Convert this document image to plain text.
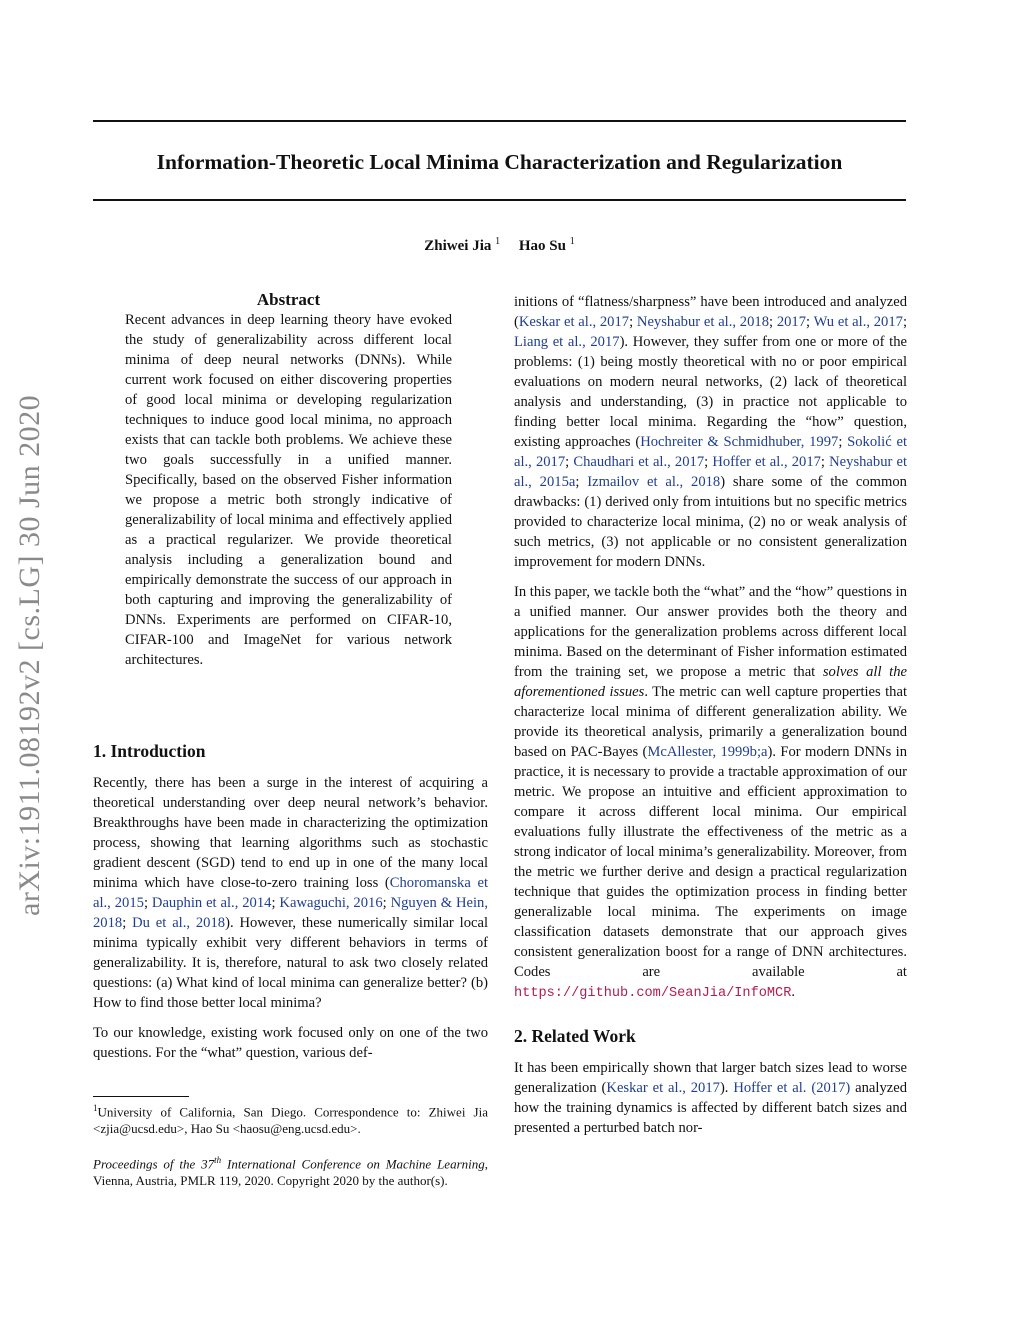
arXiv:1911.08192v2 [cs.LG] 30 Jun 2020
Information-Theoretic Local Minima Characterization and Regularization
Zhiwei Jia $^1$ Hao Su $^1$

Abstract

Recent advances in deep learning theory have evoked the study of generalizability across different local minima of deep neural networks (DNNs). While current work focused on either discovering properties of good local minima or developing regularization techniques to induce good local minima, no approach exists that can tackle both problems. We achieve these two goals successfully in a unified manner. Specifically, based on the observed Fisher information we propose a metric both strongly indicative of generalizability of local minima and effectively applied as a practical regularizer. We provide theoretical analysis including a generalization bound and empirically demonstrate the success of our approach in both capturing and improving the generalizability of DNNs. Experiments are performed on CIFAR-10, CIFAR-100 and ImageNet for various network architectures.

1. Introduction

Recently, there has been a surge in the interest of acquiring a theoretical understanding over deep neural network’s behavior. Breakthroughs have been made in characterizing the optimization process, showing that learning algorithms such as stochastic gradient descent (SGD) tend to end up in one of the many local minima which have close-to-zero training loss (Choromanska et al., 2015; Dauphin et al., 2014; Kawaguchi, 2016; Nguyen & Hein, 2018; Du et al., 2018). However, these numerically similar local minima typically exhibit very different behaviors in terms of generalizability. It is, therefore, natural to ask two closely related questions: (a) What kind of local minima can generalize better? (b) How to find those better local minima?

To our knowledge, existing work focused only on one of the two questions. For the “what” question, various def-

initions of “flatness/sharpness” have been introduced and analyzed (Keskar et al., 2017; Neyshabur et al., 2018; 2017; Wu et al., 2017; Liang et al., 2017). However, they suffer from one or more of the problems: (1) being mostly theoretical with no or poor empirical evaluations on modern neural networks, (2) lack of theoretical analysis and understanding, (3) in practice not applicable to finding better local minima. Regarding the “how” question, existing approaches (Hochreiter & Schmidhuber, 1997; Sokolić et al., 2017; Chaudhari et al., 2017; Hoffer et al., 2017; Neyshabur et al., 2015a; Izmailov et al., 2018) share some of the common drawbacks: (1) derived only from intuitions but no specific metrics provided to characterize local minima, (2) no or weak analysis of such metrics, (3) not applicable or no consistent generalization improvement for modern DNNs.

In this paper, we tackle both the “what” and the “how” questions in a unified manner. Our answer provides both the theory and applications for the generalization problems across different local minima. Based on the determinant of Fisher information estimated from the training set, we propose a metric that solves all the aforementioned issues. The metric can well capture properties that characterize local minima of different generalization ability. We provide its theoretical analysis, primarily a generalization bound based on PAC-Bayes (McAllester, 1999b;a). For modern DNNs in practice, it is necessary to provide a tractable approximation of our metric. We propose an intuitive and efficient approximation to compare it across different local minima. Our empirical evaluations fully illustrate the effectiveness of the metric as a strong indicator of local minima’s generalizability. Moreover, from the metric we further derive and design a practical regularization technique that guides the optimization process in finding better generalizable local minima. The experiments on image classification datasets demonstrate that our approach gives consistent generalization boost for a range of DNN architectures. Codes are available at https://github.com/SeanJia/InfoMCR.

2. Related Work

It has been empirically shown that larger batch sizes lead to worse generalization (Keskar et al., 2017). Hoffer et al. (2017) analyzed how the training dynamics is affected by different batch sizes and presented a perturbed batch nor-

$^1$University of California, San Diego. Correspondence to: Zhiwei Jia <zjia@ucsd.edu>, Hao Su <haosu@eng.ucsd.edu>.
Proceedings of the 37th International Conference on Machine Learning, Vienna, Austria, PMLR 119, 2020. Copyright 2020 by the author(s).
